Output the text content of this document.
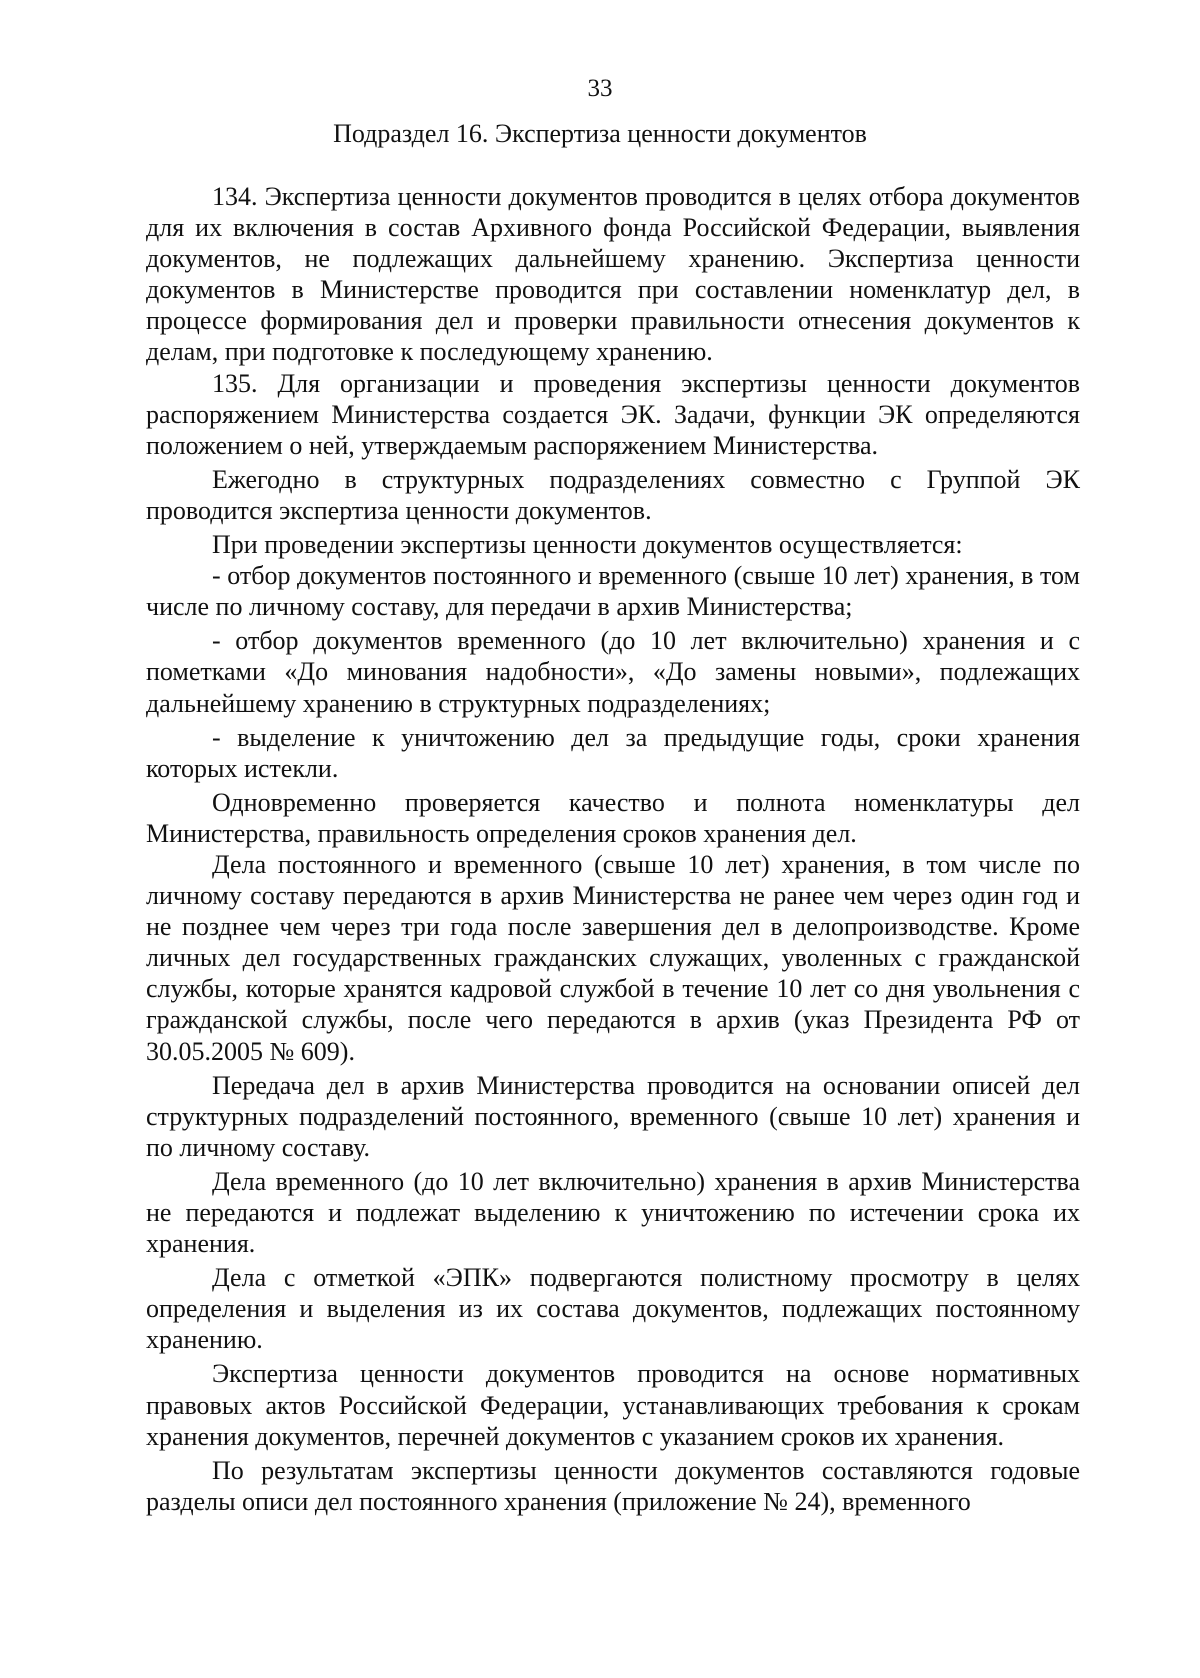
33
Подраздел 16. Экспертиза ценности документов

134. Экспертиза ценности документов проводится в целях отбора документов для их включения в состав Архивного фонда Российской Федерации, выявления документов, не подлежащих дальнейшему хранению. Экспертиза ценности документов в Министерстве проводится при составлении номенклатур дел, в процессе формирования дел и проверки правильности отнесения документов к делам, при подготовке к последующему хранению.

135. Для организации и проведения экспертизы ценности документов распоряжением Министерства создается ЭК. Задачи, функции ЭК определяются положением о ней, утверждаемым распоряжением Министерства.

Ежегодно в структурных подразделениях совместно с Группой ЭК проводится экспертиза ценности документов.

При проведении экспертизы ценности документов осуществляется:

- отбор документов постоянного и временного (свыше 10 лет) хранения, в том числе по личному составу, для передачи в архив Министерства;

- отбор документов временного (до 10 лет включительно) хранения и с пометками «До минования надобности», «До замены новыми», подлежащих дальнейшему хранению в структурных подразделениях;

- выделение к уничтожению дел за предыдущие годы, сроки хранения которых истекли.

Одновременно проверяется качество и полнота номенклатуры дел Министерства, правильность определения сроков хранения дел.

Дела постоянного и временного (свыше 10 лет) хранения, в том числе по личному составу передаются в архив Министерства не ранее чем через один год и не позднее чем через три года после завершения дел в делопроизводстве. Кроме личных дел государственных гражданских служащих, уволенных с гражданской службы, которые хранятся кадровой службой в течение 10 лет со дня увольнения с гражданской службы, после чего передаются в архив (указ Президента РФ от 30.05.2005 № 609).

Передача дел в архив Министерства проводится на основании описей дел структурных подразделений постоянного, временного (свыше 10 лет) хранения и по личному составу.

Дела временного (до 10 лет включительно) хранения в архив Министерства не передаются и подлежат выделению к уничтожению по истечении срока их хранения.

Дела с отметкой «ЭПК» подвергаются полистному просмотру в целях определения и выделения из их состава документов, подлежащих постоянному хранению.

Экспертиза ценности документов проводится на основе нормативных правовых актов Российской Федерации, устанавливающих требования к срокам хранения документов, перечней документов с указанием сроков их хранения.

По результатам экспертизы ценности документов составляются годовые разделы описи дел постоянного хранения (приложение № 24), временного
